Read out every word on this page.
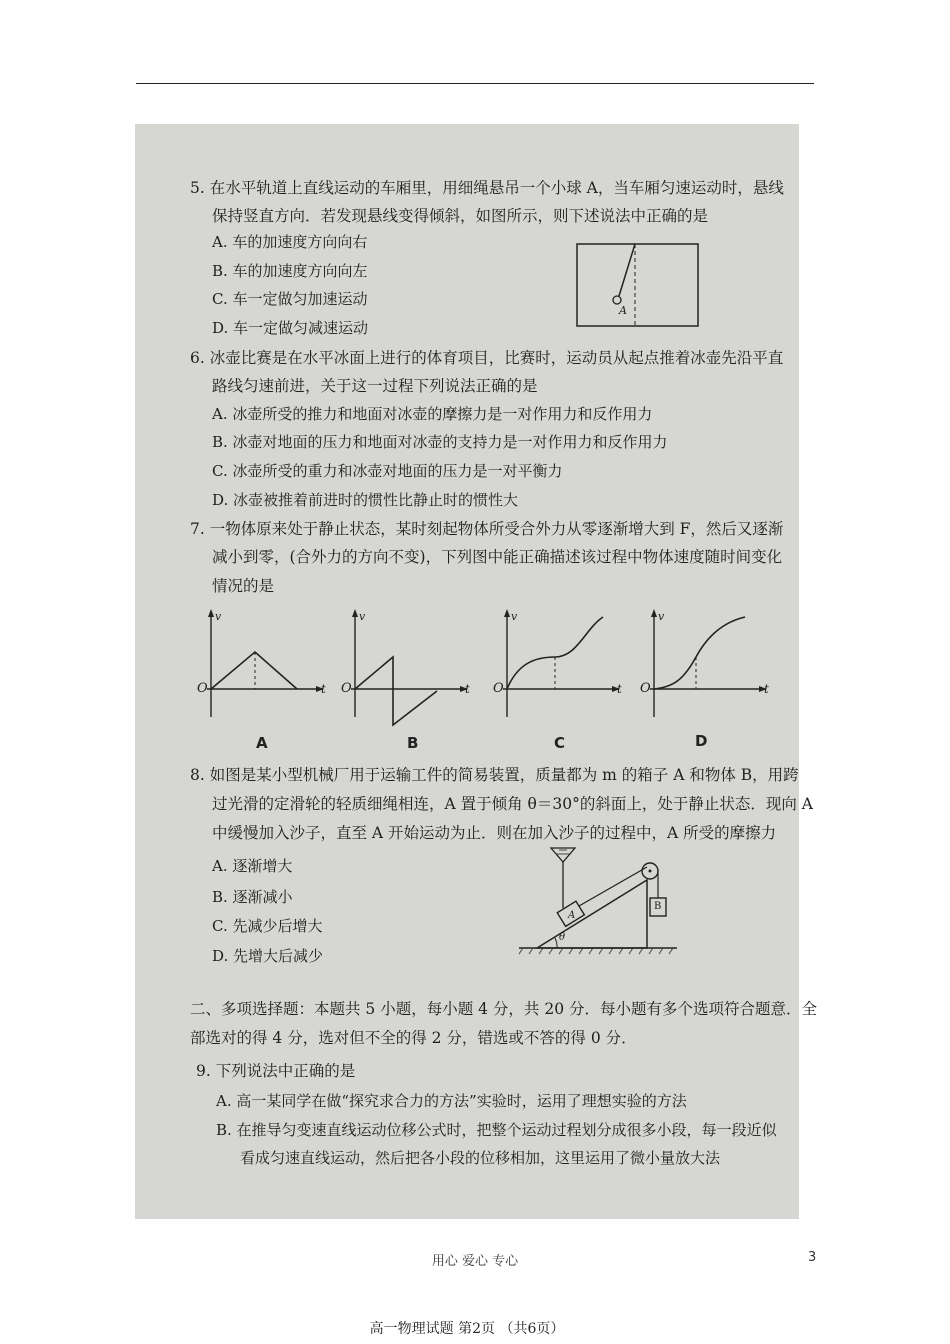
5. 在水平轨道上直线运动的车厢里，用细绳悬吊一个小球 A，当车厢匀速运动时，悬线
保持竖直方向．若发现悬线变得倾斜，如图所示，则下述说法中正确的是
A. 车的加速度方向向右
B. 车的加速度方向向左
C. 车一定做匀加速运动
D. 车一定做匀减速运动
A
6. 冰壶比赛是在水平冰面上进行的体育项目，比赛时，运动员从起点推着冰壶先沿平直
路线匀速前进，关于这一过程下列说法正确的是
A. 冰壶所受的推力和地面对冰壶的摩擦力是一对作用力和反作用力
B. 冰壶对地面的压力和地面对冰壶的支持力是一对作用力和反作用力
C. 冰壶所受的重力和冰壶对地面的压力是一对平衡力
D. 冰壶被推着前进时的惯性比静止时的惯性大
7. 一物体原来处于静止状态，某时刻起物体所受合外力从零逐渐增大到 F，然后又逐渐
减小到零，(合外力的方向不变)，下列图中能正确描述该过程中物体速度随时间变化
情况的是
v
O	t
v
O	t
v
O	t
v
O	t
A	B	C	D
8. 如图是某小型机械厂用于运输工件的简易装置，质量都为 m 的箱子 A 和物体 B，用跨
过光滑的定滑轮的轻质细绳相连，A 置于倾角 θ＝30°的斜面上，处于静止状态．现向 A
中缓慢加入沙子，直至 A 开始运动为止．则在加入沙子的过程中，A 所受的摩擦力
A. 逐渐增大
B. 逐渐减小
C. 先减少后增大
D. 先增大后减少
A
B
θ
二、多项选择题：本题共 5 小题，每小题 4 分，共 20 分．每小题有多个选项符合题意．全
部选对的得 4 分，选对但不全的得 2 分，错选或不答的得 0 分．
9. 下列说法中正确的是
A. 高一某同学在做“探究求合力的方法”实验时，运用了理想实验的方法
B. 在推导匀变速直线运动位移公式时，把整个运动过程划分成很多小段，每一段近似
看成匀速直线运动，然后把各小段的位移相加，这里运用了微小量放大法
高一物理试题 第2页 （共6页）
用心 爱心 专心	3
